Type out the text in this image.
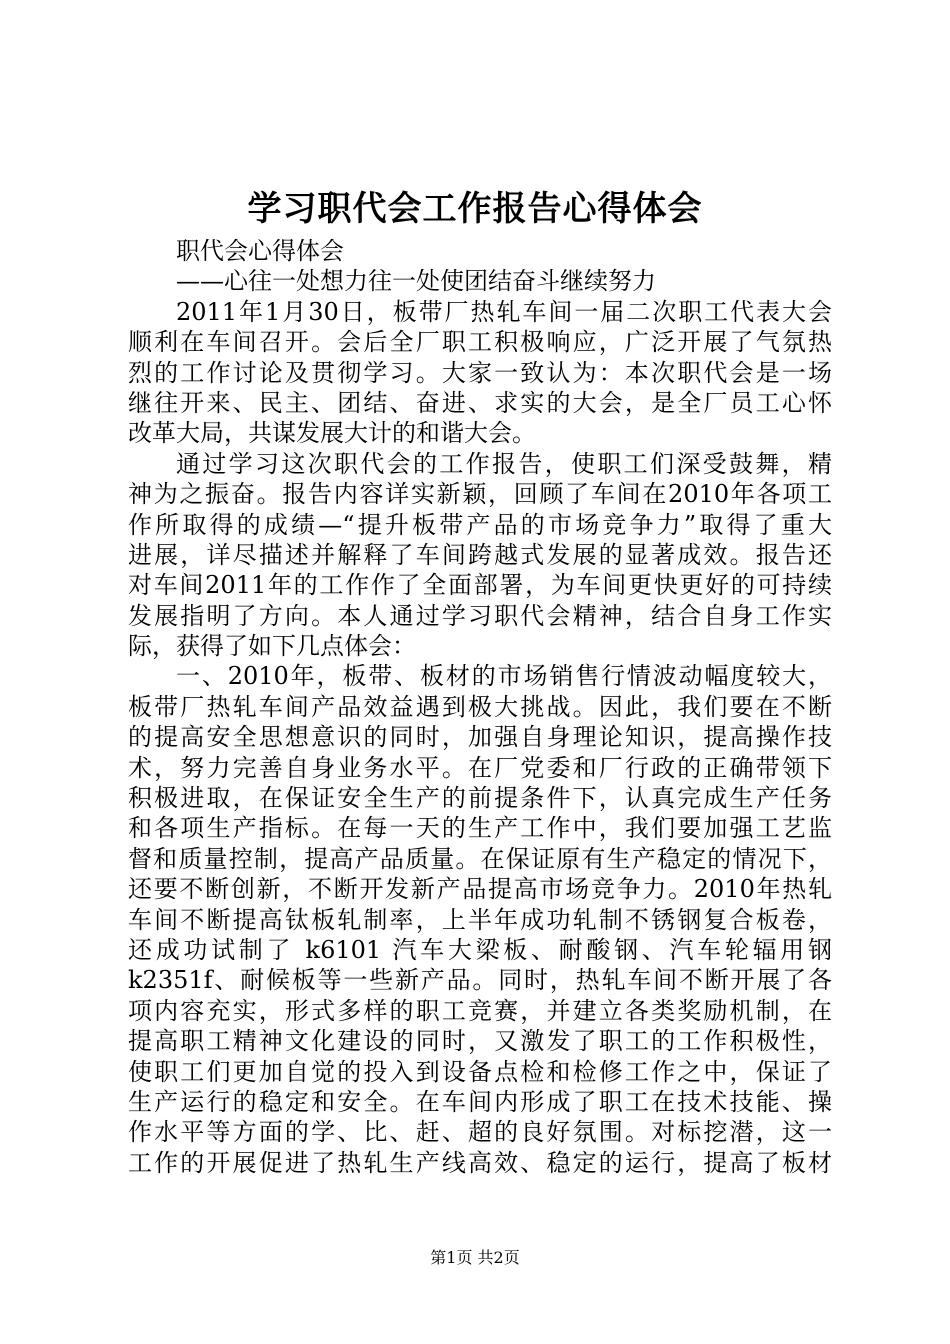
学习职代会工作报告心得体会
职代会心得体会
——心往一处想力往一处使团结奋斗继续努力
2011年1月30日，板带厂热轧车间一届二次职工代表大会
顺利在车间召开。会后全厂职工积极响应，广泛开展了气氛热
烈的工作讨论及贯彻学习。大家一致认为：本次职代会是一场
继往开来、民主、团结、奋进、求实的大会，是全厂员工心怀
改革大局，共谋发展大计的和谐大会。
通过学习这次职代会的工作报告，使职工们深受鼓舞，精
神为之振奋。报告内容详实新颖，回顾了车间在2010年各项工
作所取得的成绩—“提升板带产品的市场竞争力”取得了重大
进展，详尽描述并解释了车间跨越式发展的显著成效。报告还
对车间2011年的工作作了全面部署，为车间更快更好的可持续
发展指明了方向。本人通过学习职代会精神，结合自身工作实
际，获得了如下几点体会：
一、2010年，板带、板材的市场销售行情波动幅度较大，
板带厂热轧车间产品效益遇到极大挑战。因此，我们要在不断
的提高安全思想意识的同时，加强自身理论知识，提高操作技
术，努力完善自身业务水平。在厂党委和厂行政的正确带领下
积极进取，在保证安全生产的前提条件下，认真完成生产任务
和各项生产指标。在每一天的生产工作中，我们要加强工艺监
督和质量控制，提高产品质量。在保证原有生产稳定的情况下，
还要不断创新，不断开发新产品提高市场竞争力。2010年热轧
车间不断提高钛板轧制率，上半年成功轧制不锈钢复合板卷，
还成功试制了 k6101 汽车大梁板、耐酸钢、汽车轮辐用钢
k2351f、耐候板等一些新产品。同时，热轧车间不断开展了各
项内容充实，形式多样的职工竞赛，并建立各类奖励机制，在
提高职工精神文化建设的同时，又激发了职工的工作积极性，
使职工们更加自觉的投入到设备点检和检修工作之中，保证了
生产运行的稳定和安全。在车间内形成了职工在技术技能、操
作水平等方面的学、比、赶、超的良好氛围。对标挖潜，这一
工作的开展促进了热轧生产线高效、稳定的运行，提高了板材
第1页 共2页
